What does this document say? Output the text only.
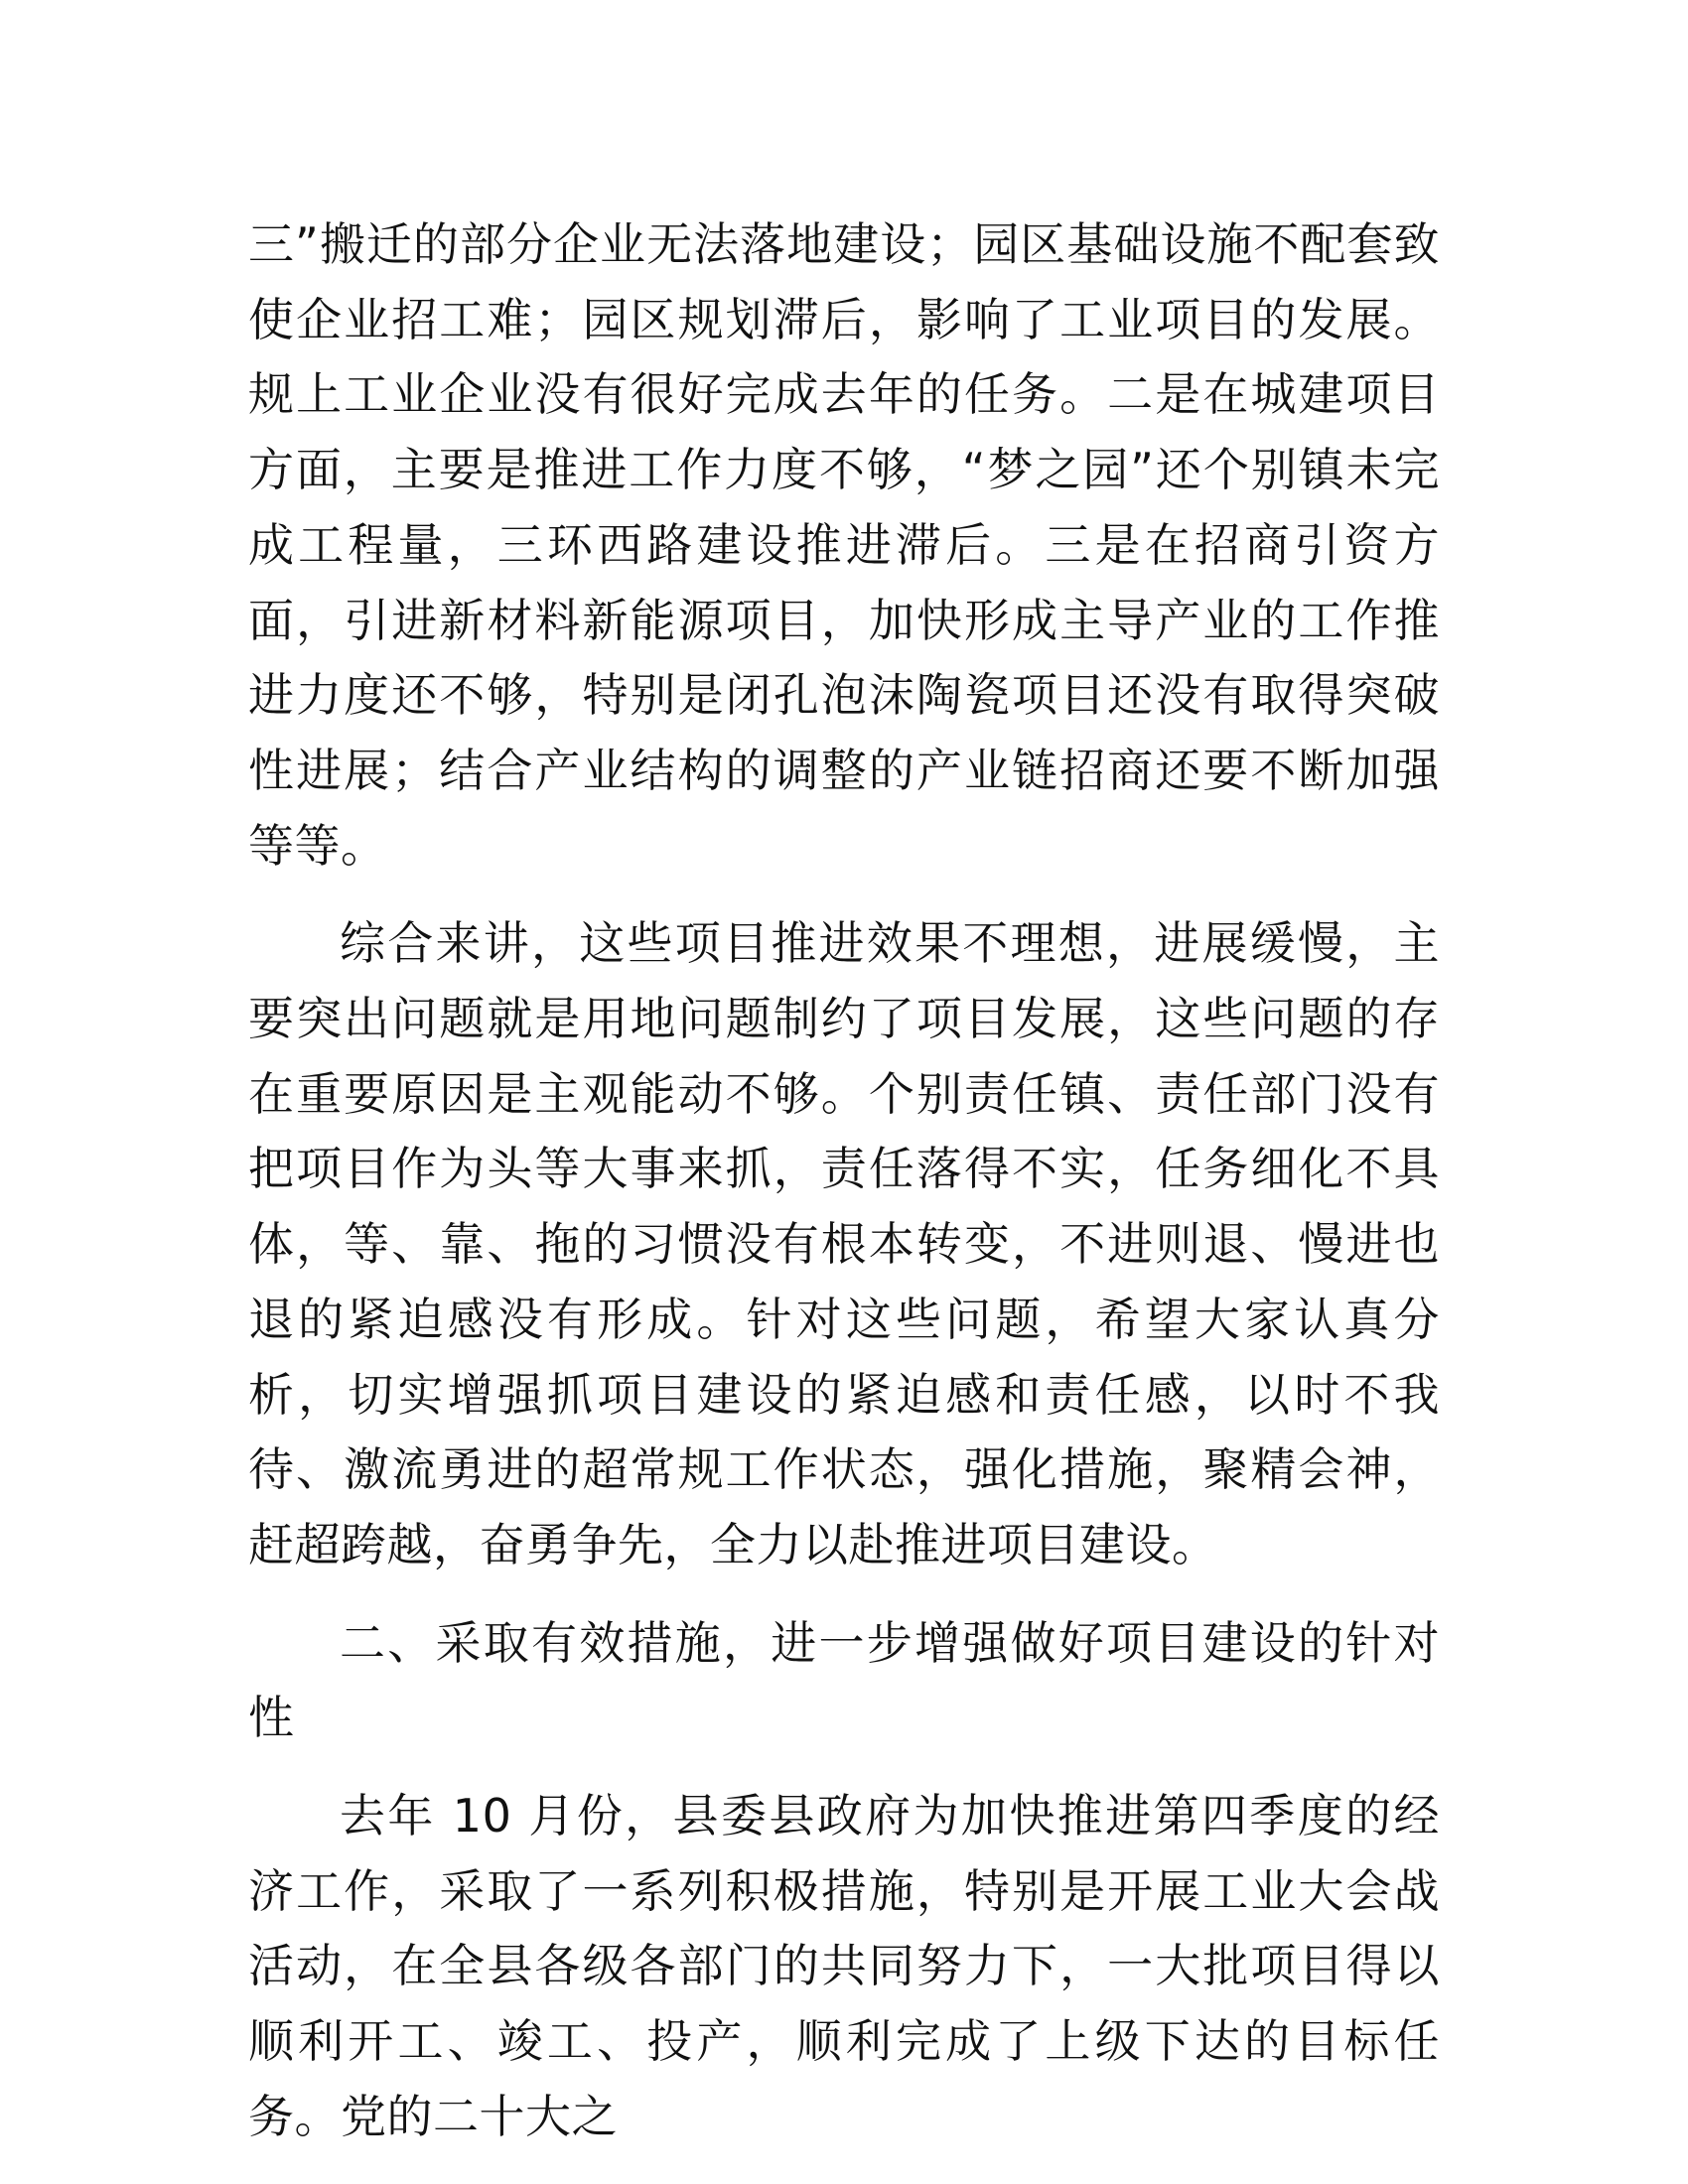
三”搬迁的部分企业无法落地建设；园区基础设施不配套致使企业招工难；园区规划滞后，影响了工业项目的发展。规上工业企业没有很好完成去年的任务。二是在城建项目方面，主要是推进工作力度不够，“梦之园”还个别镇未完成工程量，三环西路建设推进滞后。三是在招商引资方面，引进新材料新能源项目，加快形成主导产业的工作推进力度还不够，特别是闭孔泡沫陶瓷项目还没有取得突破性进展；结合产业结构的调整的产业链招商还要不断加强等等。

综合来讲，这些项目推进效果不理想，进展缓慢，主要突出问题就是用地问题制约了项目发展，这些问题的存在重要原因是主观能动不够。个别责任镇、责任部门没有把项目作为头等大事来抓，责任落得不实，任务细化不具体，等、靠、拖的习惯没有根本转变，不进则退、慢进也退的紧迫感没有形成。针对这些问题，希望大家认真分析，切实增强抓项目建设的紧迫感和责任感，以时不我待、激流勇进的超常规工作状态，强化措施，聚精会神，赶超跨越，奋勇争先，全力以赴推进项目建设。

二、采取有效措施，进一步增强做好项目建设的针对性

去年 10 月份，县委县政府为加快推进第四季度的经济工作，采取了一系列积极措施，特别是开展工业大会战活动，在全县各级各部门的共同努力下，一大批项目得以顺利开工、竣工、投产，顺利完成了上级下达的目标任务。党的二十大之
